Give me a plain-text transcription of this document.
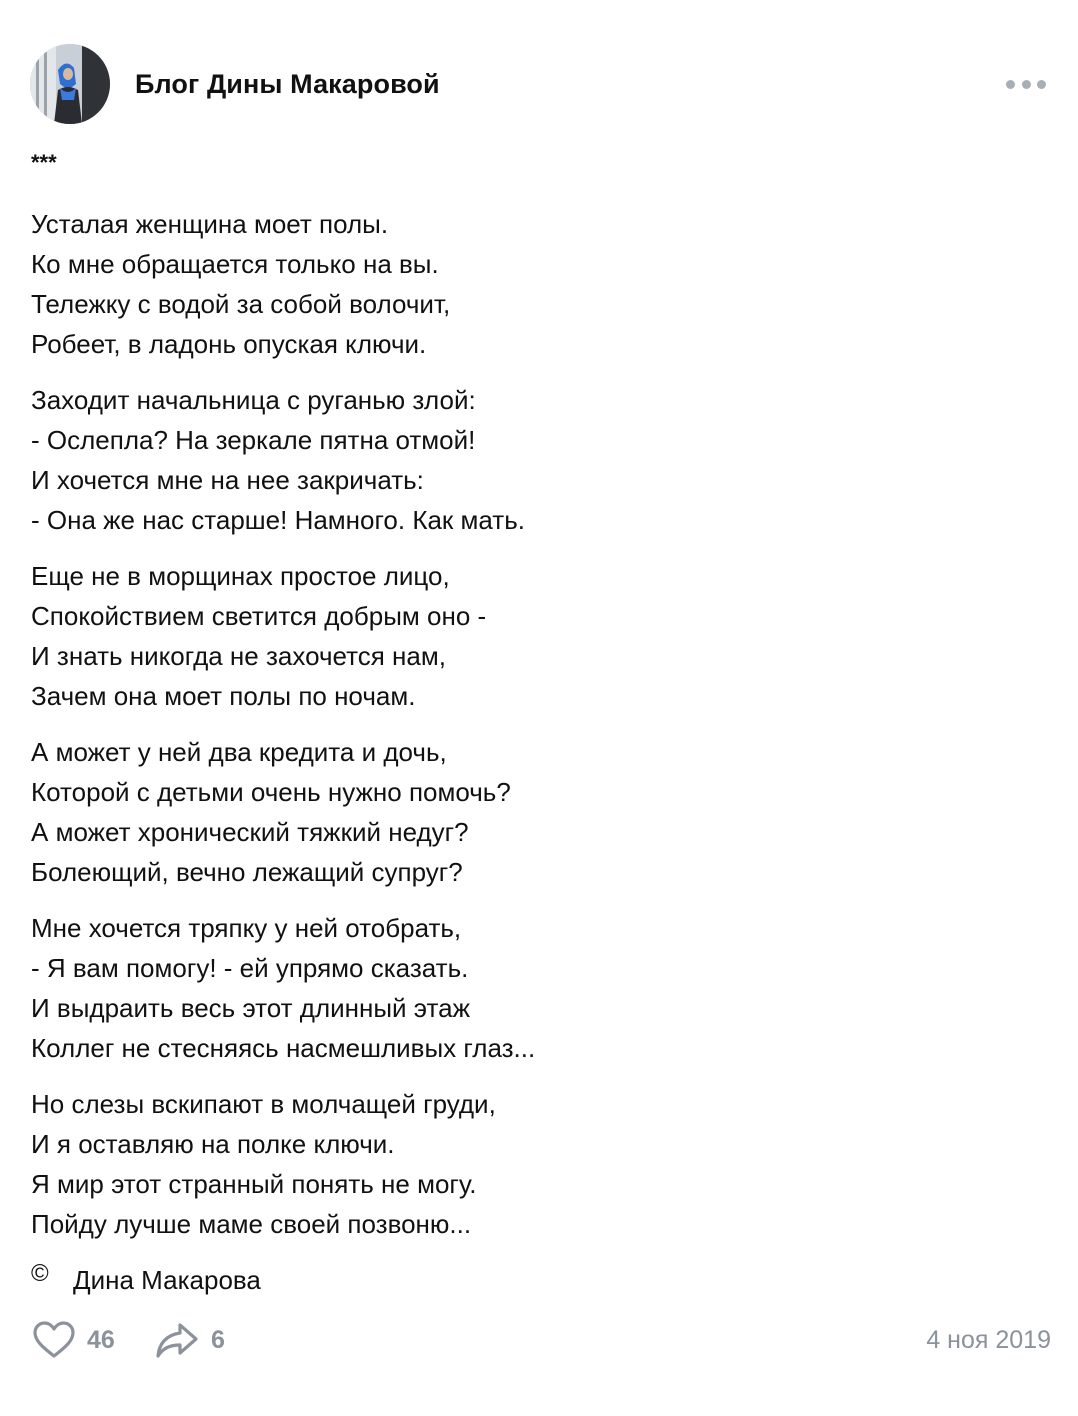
Блог Дины Макаровой
***
Усталая женщина моет полы.
Ко мне обращается только на вы.
Тележку с водой за собой волочит,
Робеет, в ладонь опуская ключи.
Заходит начальница с руганью злой:
- Ослепла? На зеркале пятна отмой!
И хочется мне на нее закричать:
- Она же нас старше! Намного. Как мать.
Еще не в морщинах простое лицо,
Спокойствием светится добрым оно -
И знать никогда не захочется нам,
Зачем она моет полы по ночам.
А может у ней два кредита и дочь,
Которой с детьми очень нужно помочь?
А может хронический тяжкий недуг?
Болеющий, вечно лежащий супруг?
Мне хочется тряпку у ней отобрать,
- Я вам помогу! - ей упрямо сказать.
И выдраить весь этот длинный этаж
Коллег не стесняясь насмешливых глаз...
Но слезы вскипают в молчащей груди,
И я оставляю на полке ключи.
Я мир этот странный понять не могу.
Пойду лучше маме своей позвоню...
© Дина Макарова
46	6	4 ноя 2019
